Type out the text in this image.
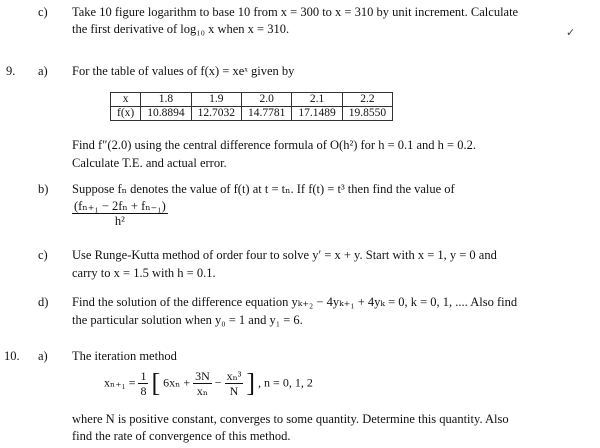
c) Take 10 figure logarithm to base 10 from x = 300 to x = 310 by unit increment. Calculate
the first derivative of log₁₀ x when x = 310.	✓
9. a) For the table of values of f(x) = xeˣ given by
x	1.8	1.9	2.0	2.1	2.2
f(x)	10.8894	12.7032	14.7781	17.1489	19.8550
Find f″(2.0) using the central difference formula of O(h²) for h = 0.1 and h = 0.2.
Calculate T.E. and actual error.
b) Suppose fₙ denotes the value of f(t) at t = tₙ. If f(t) = t³ then find the value of
$\frac{\text{(fₙ₊₁ − 2fₙ + fₙ₋₁)}}{\text{h²}}$
c) Use Runge-Kutta method of order four to solve y′ = x + y. Start with x = 1, y = 0 and
carry to x = 1.5 with h = 0.1.
d) Find the solution of the difference equation yₖ₊₂ − 4yₖ₊₁ + 4yₖ = 0, k = 0, 1, .... Also find
the particular solution when y₀ = 1 and y₁ = 6.
10. a) The iteration method
$x_{n+1} = \frac{1}{8}$ [ $6x_n + \frac{3N}{\text{xₙ}} - \frac{\text{xₙ³}}{N}$ ] , n = 0, 1, 2
where N is positive constant, converges to some quantity. Determine this quantity. Also
find the rate of convergence of this method.
